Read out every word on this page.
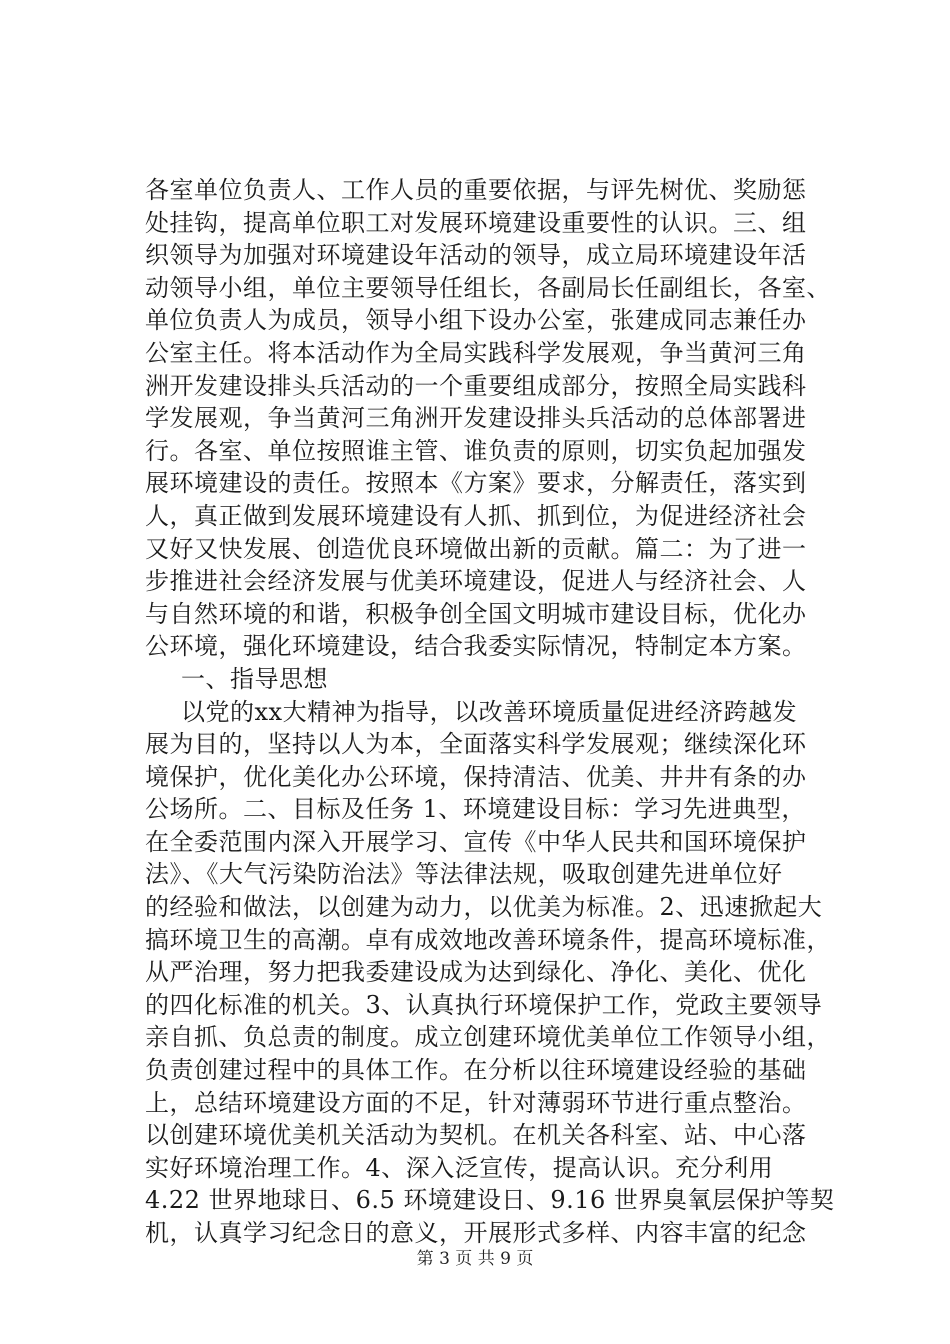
各室单位负责人、工作人员的重要依据，与评先树优、奖励惩
处挂钩，提高单位职工对发展环境建设重要性的认识。三、组
织领导为加强对环境建设年活动的领导，成立局环境建设年活
动领导小组，单位主要领导任组长，各副局长任副组长，各室、
单位负责人为成员，领导小组下设办公室，张建成同志兼任办
公室主任。将本活动作为全局实践科学发展观，争当黄河三角
洲开发建设排头兵活动的一个重要组成部分，按照全局实践科
学发展观，争当黄河三角洲开发建设排头兵活动的总体部署进
行。各室、单位按照谁主管、谁负责的原则，切实负起加强发
展环境建设的责任。按照本《方案》要求，分解责任，落实到
人，真正做到发展环境建设有人抓、抓到位，为促进经济社会
又好又快发展、创造优良环境做出新的贡献。篇二：为了进一
步推进社会经济发展与优美环境建设，促进人与经济社会、人
与自然环境的和谐，积极争创全国文明城市建设目标，优化办
公环境，强化环境建设，结合我委实际情况，特制定本方案。
一、指导思想
以党的xx大精神为指导，以改善环境质量促进经济跨越发
展为目的，坚持以人为本，全面落实科学发展观；继续深化环
境保护，优化美化办公环境，保持清洁、优美、井井有条的办
公场所。二、目标及任务 1、环境建设目标：学习先进典型，
在全委范围内深入开展学习、宣传《中华人民共和国环境保护
法》、《大气污染防治法》等法律法规，吸取创建先进单位好
的经验和做法，以创建为动力，以优美为标准。2、迅速掀起大
搞环境卫生的高潮。卓有成效地改善环境条件，提高环境标准，
从严治理，努力把我委建设成为达到绿化、净化、美化、优化
的四化标准的机关。3、认真执行环境保护工作，党政主要领导
亲自抓、负总责的制度。成立创建环境优美单位工作领导小组，
负责创建过程中的具体工作。在分析以往环境建设经验的基础
上，总结环境建设方面的不足，针对薄弱环节进行重点整治。
以创建环境优美机关活动为契机。在机关各科室、站、中心落
实好环境治理工作。4、深入泛宣传，提高认识。充分利用
4.22 世界地球日、6.5 环境建设日、9.16 世界臭氧层保护等契
机，认真学习纪念日的意义，开展形式多样、内容丰富的纪念
第 3 页 共 9 页
